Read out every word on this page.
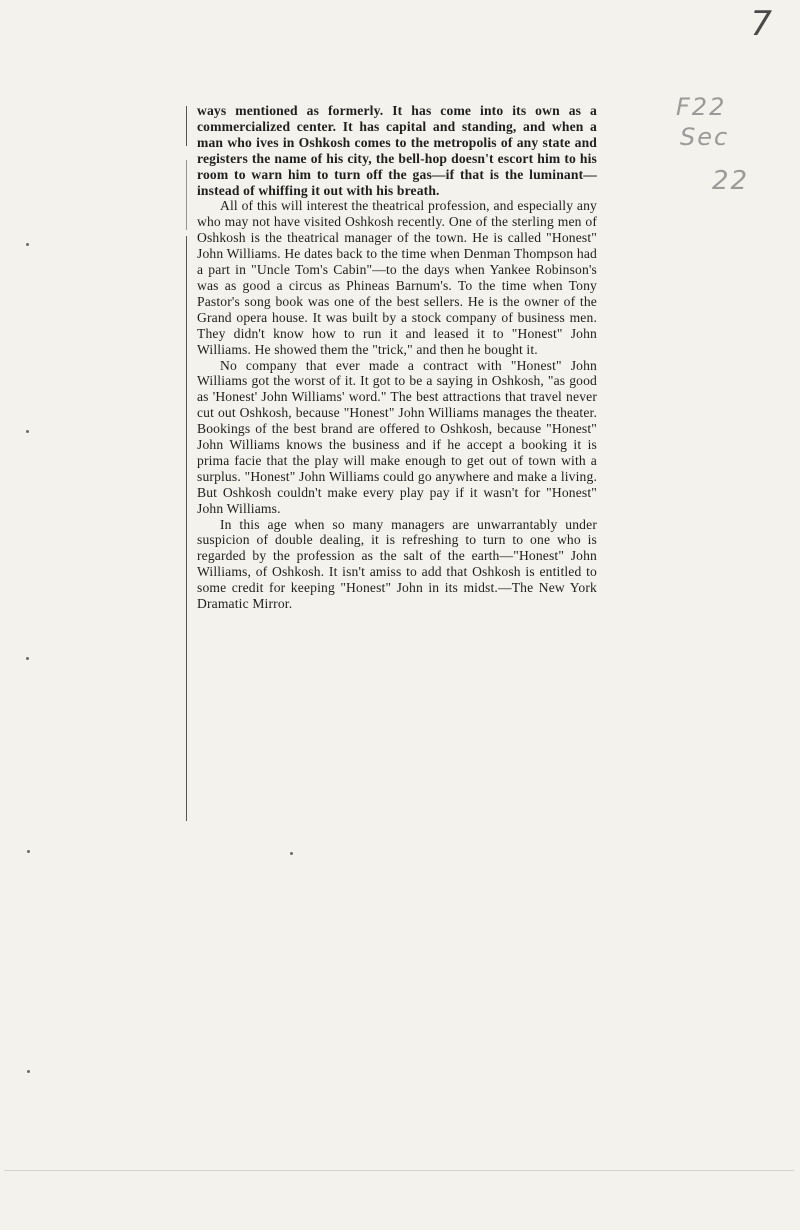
7
F22
Sec
22

ways mentioned as formerly. It has come into its own as a commercialized center. It has capital and standing, and when a man who ives in Oshkosh comes to the metropolis of any state and registers the name of his city, the bell-hop doesn't escort him to his room to warn him to turn off the gas—if that is the luminant—instead of whiffing it out with his breath.

All of this will interest the theatrical profession, and especially any who may not have visited Oshkosh recently. One of the sterling men of Oshkosh is the theatrical manager of the town. He is called "Honest" John Williams. He dates back to the time when Denman Thompson had a part in "Uncle Tom's Cabin"—to the days when Yankee Robinson's was as good a circus as Phineas Barnum's. To the time when Tony Pastor's song book was one of the best sellers. He is the owner of the Grand opera house. It was built by a stock company of business men. They didn't know how to run it and leased it to "Honest" John Williams. He showed them the "trick," and then he bought it.

No company that ever made a contract with "Honest" John Williams got the worst of it. It got to be a saying in Oshkosh, "as good as 'Honest' John Williams' word." The best attractions that travel never cut out Oshkosh, because "Honest" John Williams manages the theater. Bookings of the best brand are offered to Oshkosh, because "Honest" John Williams knows the business and if he accept a booking it is prima facie that the play will make enough to get out of town with a surplus. "Honest" John Williams could go anywhere and make a living. But Oshkosh couldn't make every play pay if it wasn't for "Honest" John Williams.

In this age when so many managers are unwarrantably under suspicion of double dealing, it is refreshing to turn to one who is regarded by the profession as the salt of the earth—"Honest" John Williams, of Oshkosh. It isn't amiss to add that Oshkosh is entitled to some credit for keeping "Honest" John in its midst.—The New York Dramatic Mirror.
